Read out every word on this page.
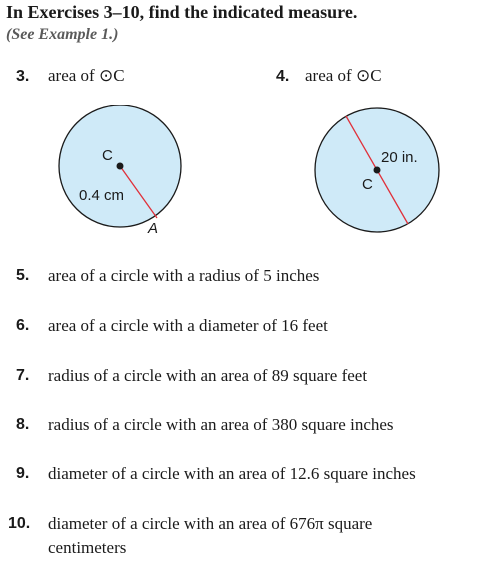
In Exercises 3–10, find the indicated measure.
(See Example 1.)
3. area of ⊙C	4. area of ⊙C
C
0.4 cm
A
C
20 in.
5. area of a circle with a radius of 5 inches
6. area of a circle with a diameter of 16 feet
7. radius of a circle with an area of 89 square feet
8. radius of a circle with an area of 380 square inches
9. diameter of a circle with an area of 12.6 square inches
10. diameter of a circle with an area of 676π square
centimeters
